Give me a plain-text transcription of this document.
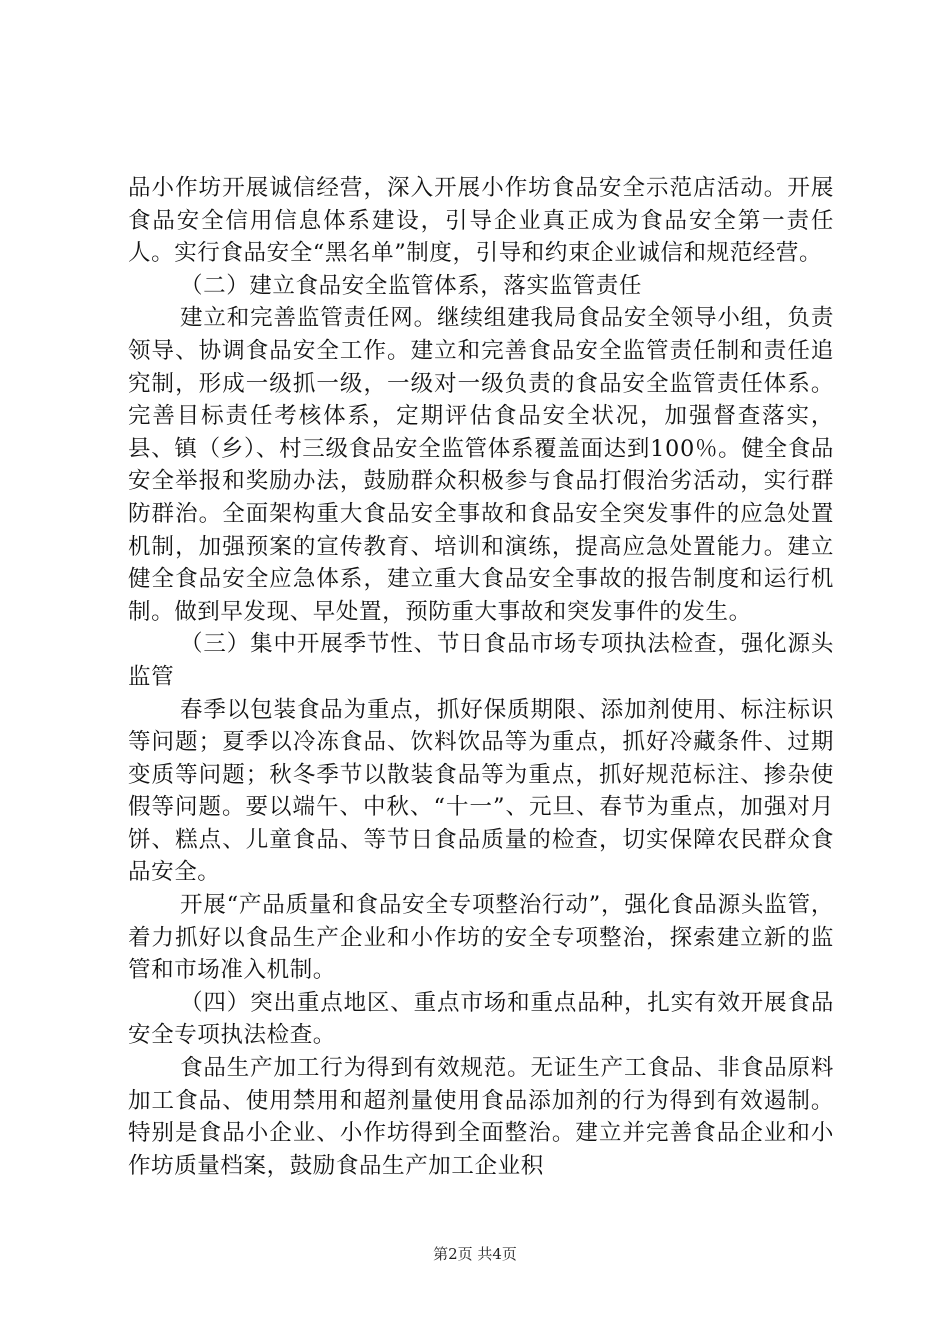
品小作坊开展诚信经营，深入开展小作坊食品安全示范店活动。开展食品安全信用信息体系建设，引导企业真正成为食品安全第一责任人。实行食品安全“黑名单”制度，引导和约束企业诚信和规范经营。

（二）建立食品安全监管体系，落实监管责任

建立和完善监管责任网。继续组建我局食品安全领导小组，负责领导、协调食品安全工作。建立和完善食品安全监管责任制和责任追究制，形成一级抓一级，一级对一级负责的食品安全监管责任体系。完善目标责任考核体系，定期评估食品安全状况，加强督查落实，县、镇（乡）、村三级食品安全监管体系覆盖面达到100％。健全食品安全举报和奖励办法，鼓励群众积极参与食品打假治劣活动，实行群防群治。全面架构重大食品安全事故和食品安全突发事件的应急处置机制，加强预案的宣传教育、培训和演练，提高应急处置能力。建立健全食品安全应急体系，建立重大食品安全事故的报告制度和运行机制。做到早发现、早处置，预防重大事故和突发事件的发生。

（三）集中开展季节性、节日食品市场专项执法检查，强化源头监管

春季以包装食品为重点，抓好保质期限、添加剂使用、标注标识等问题；夏季以冷冻食品、饮料饮品等为重点，抓好冷藏条件、过期变质等问题；秋冬季节以散装食品等为重点，抓好规范标注、掺杂使假等问题。要以端午、中秋、“十一”、元旦、春节为重点，加强对月饼、糕点、儿童食品、等节日食品质量的检查，切实保障农民群众食品安全。

开展“产品质量和食品安全专项整治行动”，强化食品源头监管，着力抓好以食品生产企业和小作坊的安全专项整治，探索建立新的监管和市场准入机制。

（四）突出重点地区、重点市场和重点品种，扎实有效开展食品安全专项执法检查。

食品生产加工行为得到有效规范。无证生产工食品、非食品原料加工食品、使用禁用和超剂量使用食品添加剂的行为得到有效遏制。特别是食品小企业、小作坊得到全面整治。建立并完善食品企业和小作坊质量档案，鼓励食品生产加工企业积

第2页 共4页
